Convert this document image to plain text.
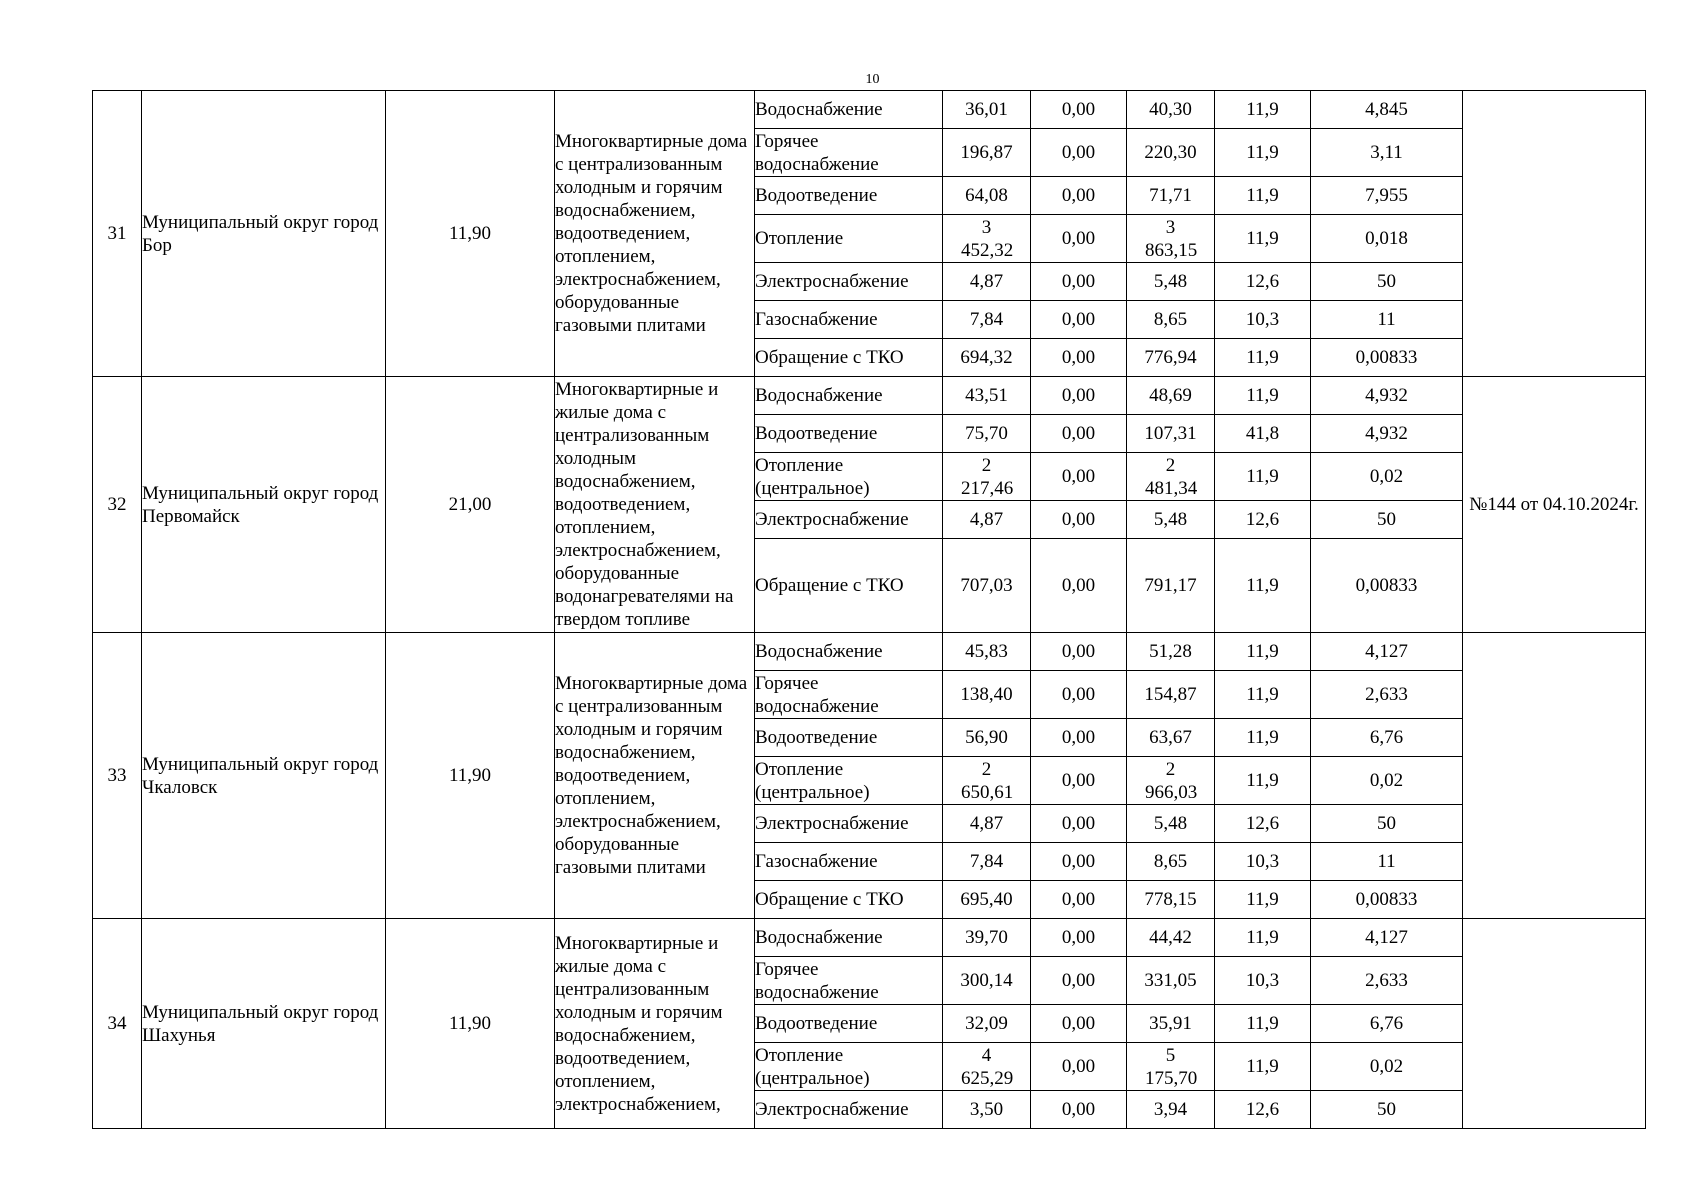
10
31	Муниципальный округ город Бор	11,90	Многоквартирные дома с централизованным холодным и горячим водоснабжением, водоотведением, отоплением, электроснабжением, оборудованные газовыми плитами	Водоснабжение	36,01	0,00	40,30	11,9	4,845	
				Горячее водоснабжение	196,87	0,00	220,30	11,9	3,11	
				Водоотведение	64,08	0,00	71,71	11,9	7,955	
				Отопление	3 452,32	0,00	3 863,15	11,9	0,018	
				Электроснабжение	4,87	0,00	5,48	12,6	50	
				Газоснабжение	7,84	0,00	8,65	10,3	11	
				Обращение с ТКО	694,32	0,00	776,94	11,9	0,00833	
32	Муниципальный округ город Первомайск	21,00	Многоквартирные и жилые дома с централизованным холодным водоснабжением, водоотведением, отоплением, электроснабжением, оборудованные водонагревателями на твердом топливе	Водоснабжение	43,51	0,00	48,69	11,9	4,932	№144 от 04.10.2024г.
				Водоотведение	75,70	0,00	107,31	41,8	4,932	
				Отопление (центральное)	2 217,46	0,00	2 481,34	11,9	0,02	
				Электроснабжение	4,87	0,00	5,48	12,6	50	
				Обращение с ТКО	707,03	0,00	791,17	11,9	0,00833	
33	Муниципальный округ город Чкаловск	11,90	Многоквартирные дома с централизованным холодным и горячим водоснабжением, водоотведением, отоплением, электроснабжением, оборудованные газовыми плитами	Водоснабжение	45,83	0,00	51,28	11,9	4,127	
				Горячее водоснабжение	138,40	0,00	154,87	11,9	2,633	
				Водоотведение	56,90	0,00	63,67	11,9	6,76	
				Отопление (центральное)	2 650,61	0,00	2 966,03	11,9	0,02	
				Электроснабжение	4,87	0,00	5,48	12,6	50	
				Газоснабжение	7,84	0,00	8,65	10,3	11	
				Обращение с ТКО	695,40	0,00	778,15	11,9	0,00833	
34	Муниципальный округ город Шахунья	11,90	Многоквартирные и жилые дома с централизованным холодным и горячим водоснабжением, водоотведением, отоплением, электроснабжением,	Водоснабжение	39,70	0,00	44,42	11,9	4,127	
				Горячее водоснабжение	300,14	0,00	331,05	10,3	2,633	
				Водоотведение	32,09	0,00	35,91	11,9	6,76	
				Отопление (центральное)	4 625,29	0,00	5 175,70	11,9	0,02	
				Электроснабжение	3,50	0,00	3,94	12,6	50	
